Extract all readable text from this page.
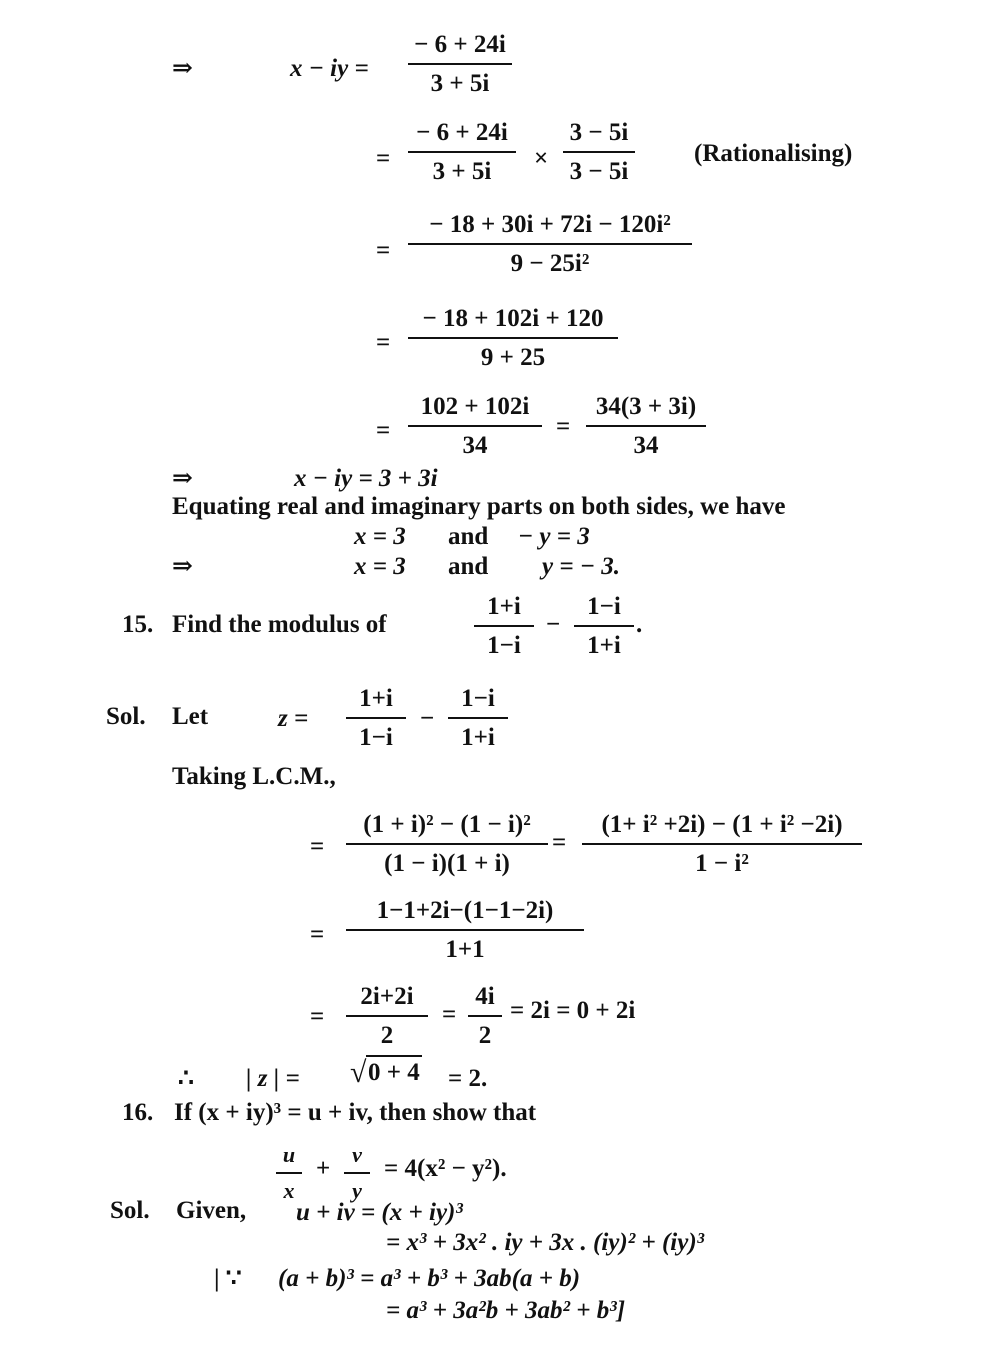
⇒	x − iy = $\frac{- 6 + 24i}{3 + 5i}$
= $\frac{- 6 + 24i}{3 + 5i} \times \frac{3 - 5i}{3 - 5i}$ (Rationalising)
= $\frac{\text{− 18 + 30i + 72i − 120i²}}{\text{9 − 25i²}}$
= $\frac{- 18 + 102i + 120}{9 + 25}$
= $\frac{102 + 102i}{34} = \frac{34(3 + 3i)}{34}$
⇒	x − iy = 3 + 3i
Equating real and imaginary parts on both sides, we have
x = 3 and − y = 3
⇒	x = 3 and y = − 3.
15. Find the modulus of	$\frac{1+i}{1-i} - \frac{1-i}{1+i}$ .
Sol. Let	$z = \frac{1+i}{1-i} - \frac{1-i}{1+i}$
Taking L.C.M.,
= $\frac{\text{(1 + i)² − (1 − i)²}}{(1 - i)(1 + i)} = \frac{\text{(1+ i² +2i) − (1 + i² −2i)}}{\text{1 − i²}}$
= $\frac{1-1+2i-(1-1-2i)}{1+1}$
= $\frac{2i+2i}{2} = \frac{4i}{2} = 2i = 0 + 2i$
∴ | z | = √ 0 + 4 = 2.
16. If (x + iy)³ = u + iv, then show that
$\frac{u}{x} + \frac{v}{y} = 4(x^2 - y^2)$.
Sol. Given, u + iv = (x + iy)³
= x³ + 3x² . iy + 3x . (iy)² + (iy)³
| ∵ (a + b)³ = a³ + b³ + 3ab(a + b)
= a³ + 3a²b + 3ab² + b³]
